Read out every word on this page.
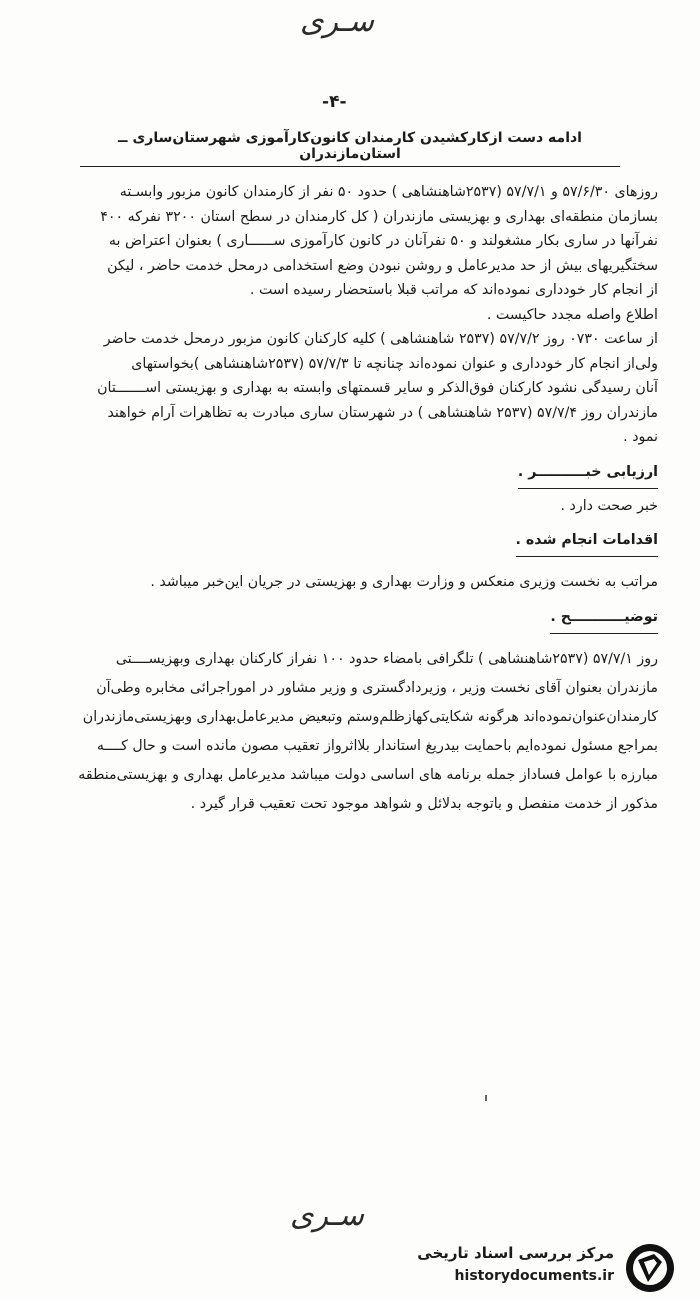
سـرى
-۴-
ادامه دست ازکارکشیدن کارمندان کانون‌کارآموزی شهرستان‌ساری ــ استان‌مازندران
روزهای ۵۷/۶/۳۰ و ۵۷/۷/۱ (۲۵۳۷شاهنشاهی ) حدود ۵۰ نفر از کارمندان کانون مزبور وابسـته
بسازمان منطقه‌ای بهداری و بهزیستی مازندران ( کل کارمندان در سطح استان ۳۲۰۰ نفرکه ۴۰۰
نفرآنها در ساری بکار مشغولند و ۵۰ نفرآنان در کانون کارآموزی ســــــاری ) بعنوان اعتراض به
سختگیریهای بیش از حد مدیرعامل و روشن نبودن وضع استخدامی درمحل خدمت حاضر ، لیکن
از انجام کار خودداری نموده‌اند که مراتب قبلا باستحضار رسیده است .
اطلاع واصله مجدد حاکیست .
از ساعت ۰۷۳۰ روز ۵۷/۷/۲ (۲۵۳۷ شاهنشاهی ) کلیه کارکنان کانون مزبور درمحل خدمت حاضر
ولی‌از انجام کار خودداری و عنوان نموده‌اند چنانچه تا ۵۷/۷/۳ (۲۵۳۷شاهنشاهی )بخواستهای
آنان رسیدگی نشود کارکنان فوق‌الذکر و سایر قسمتهای وابسته به بهداری و بهزیستی اســـــــتان
مازندران روز ۵۷/۷/۴ (۲۵۳۷ شاهنشاهی ) در شهرستان ساری مبادرت به تظاهرات آرام خواهند
نمود .
ارزیابی خبــــــــــر .
خبر صحت دارد .
اقدامات انجام شده .
مراتب به نخست وزیری منعکس و وزارت بهداری و بهزیستی در جریان این‌خبر میباشد .
توضیـــــــــــح .
روز ۵۷/۷/۱ (۲۵۳۷شاهنشاهی ) تلگرافی بامضاء حدود ۱۰۰ نفراز کارکنان بهداری وبهزیســــتی
مازندران بعنوان آقای نخست وزیر ، وزیردادگستری و وزیر مشاور در اموراجرائی مخابره وطی‌آن
کارمندان‌عنوان‌نموده‌اند هرگونه شکایتی‌کهازظلم‌وستم وتبعیض مدیرعامل‌بهداری وبهزیستی‌مازندران
بمراجع مسئول نموده‌ایم باحمایت بیدریغ استاندار بلااثرواز تعقیب مصون مانده است و حال کــــه
مبارزه با عوامل فساداز جمله برنامه های اساسی دولت میباشد مدیرعامل بهداری و بهزیستی‌منطقه
مذکور از خدمت منفصل و باتوجه بدلائل و شواهد موجود تحت تعقیب قرار گیرد .
سـرى
مرکز بررسی اسناد تاریخی
historydocuments.ir
